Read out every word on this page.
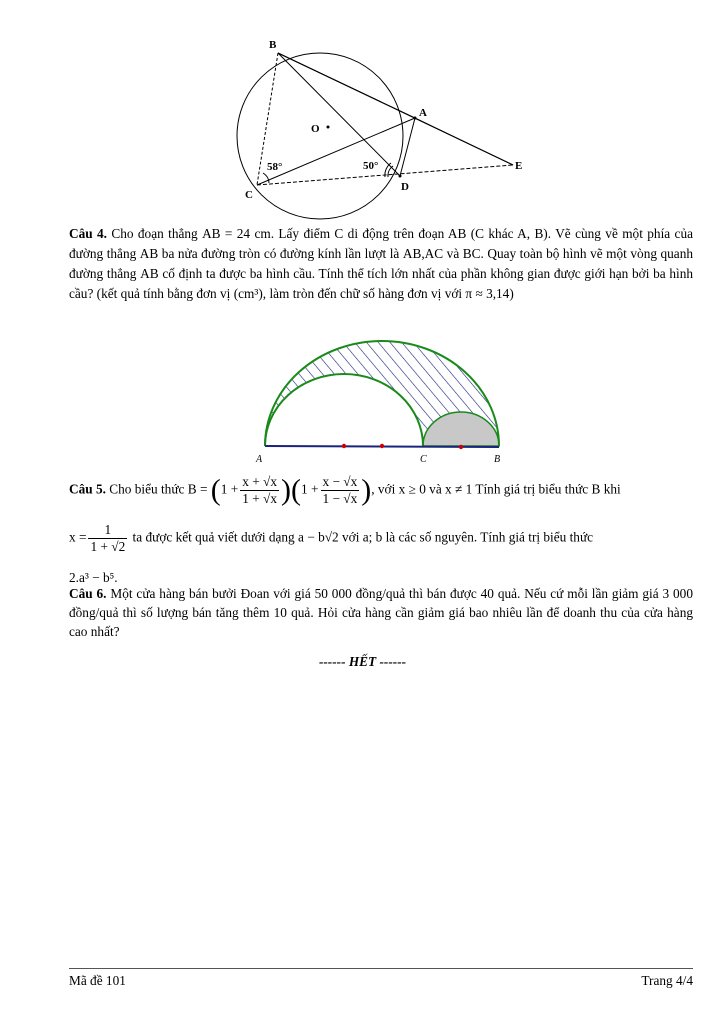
B
A
O
C
D
E
58°	50°
Câu 4. Cho đoạn thẳng AB = 24 cm. Lấy điểm C di động trên đoạn AB (C khác A, B). Vẽ cùng về một phía của đường thẳng AB ba nửa đường tròn có đường kính lần lượt là AB,AC và BC. Quay toàn bộ hình vẽ một vòng quanh đường thẳng AB cố định ta được ba hình cầu. Tính thể tích lớn nhất của phần không gian được giới hạn bởi ba hình cầu? (kết quả tính bằng đơn vị (cm³), làm tròn đến chữ số hàng đơn vị với π ≈ 3,14)
A	C	B
Câu 5. Cho biểu thức $B = (1 + \frac{x + √x}{1 + √x} )(1 + \frac{x - √x}{1 - √x}$ ), với x ≥ 0 và x ≠ 1 Tính giá trị biểu thức B khi
$x = \frac{1}{1 + √2}$ ta được kết quả viết dưới dạng a − b√2 với a; b là các số nguyên. Tính giá trị biểu thức
2.a³ − b⁵.
Câu 6. Một cửa hàng bán bưởi Đoan với giá 50 000 đồng/quả thì bán được 40 quả. Nếu cứ mỗi lần giảm giá 3 000 đồng/quả thì số lượng bán tăng thêm 10 quả. Hỏi cửa hàng cần giảm giá bao nhiêu lần để doanh thu của cửa hàng cao nhất?
------ HẾT ------
Mã đề 101	Trang 4/4
